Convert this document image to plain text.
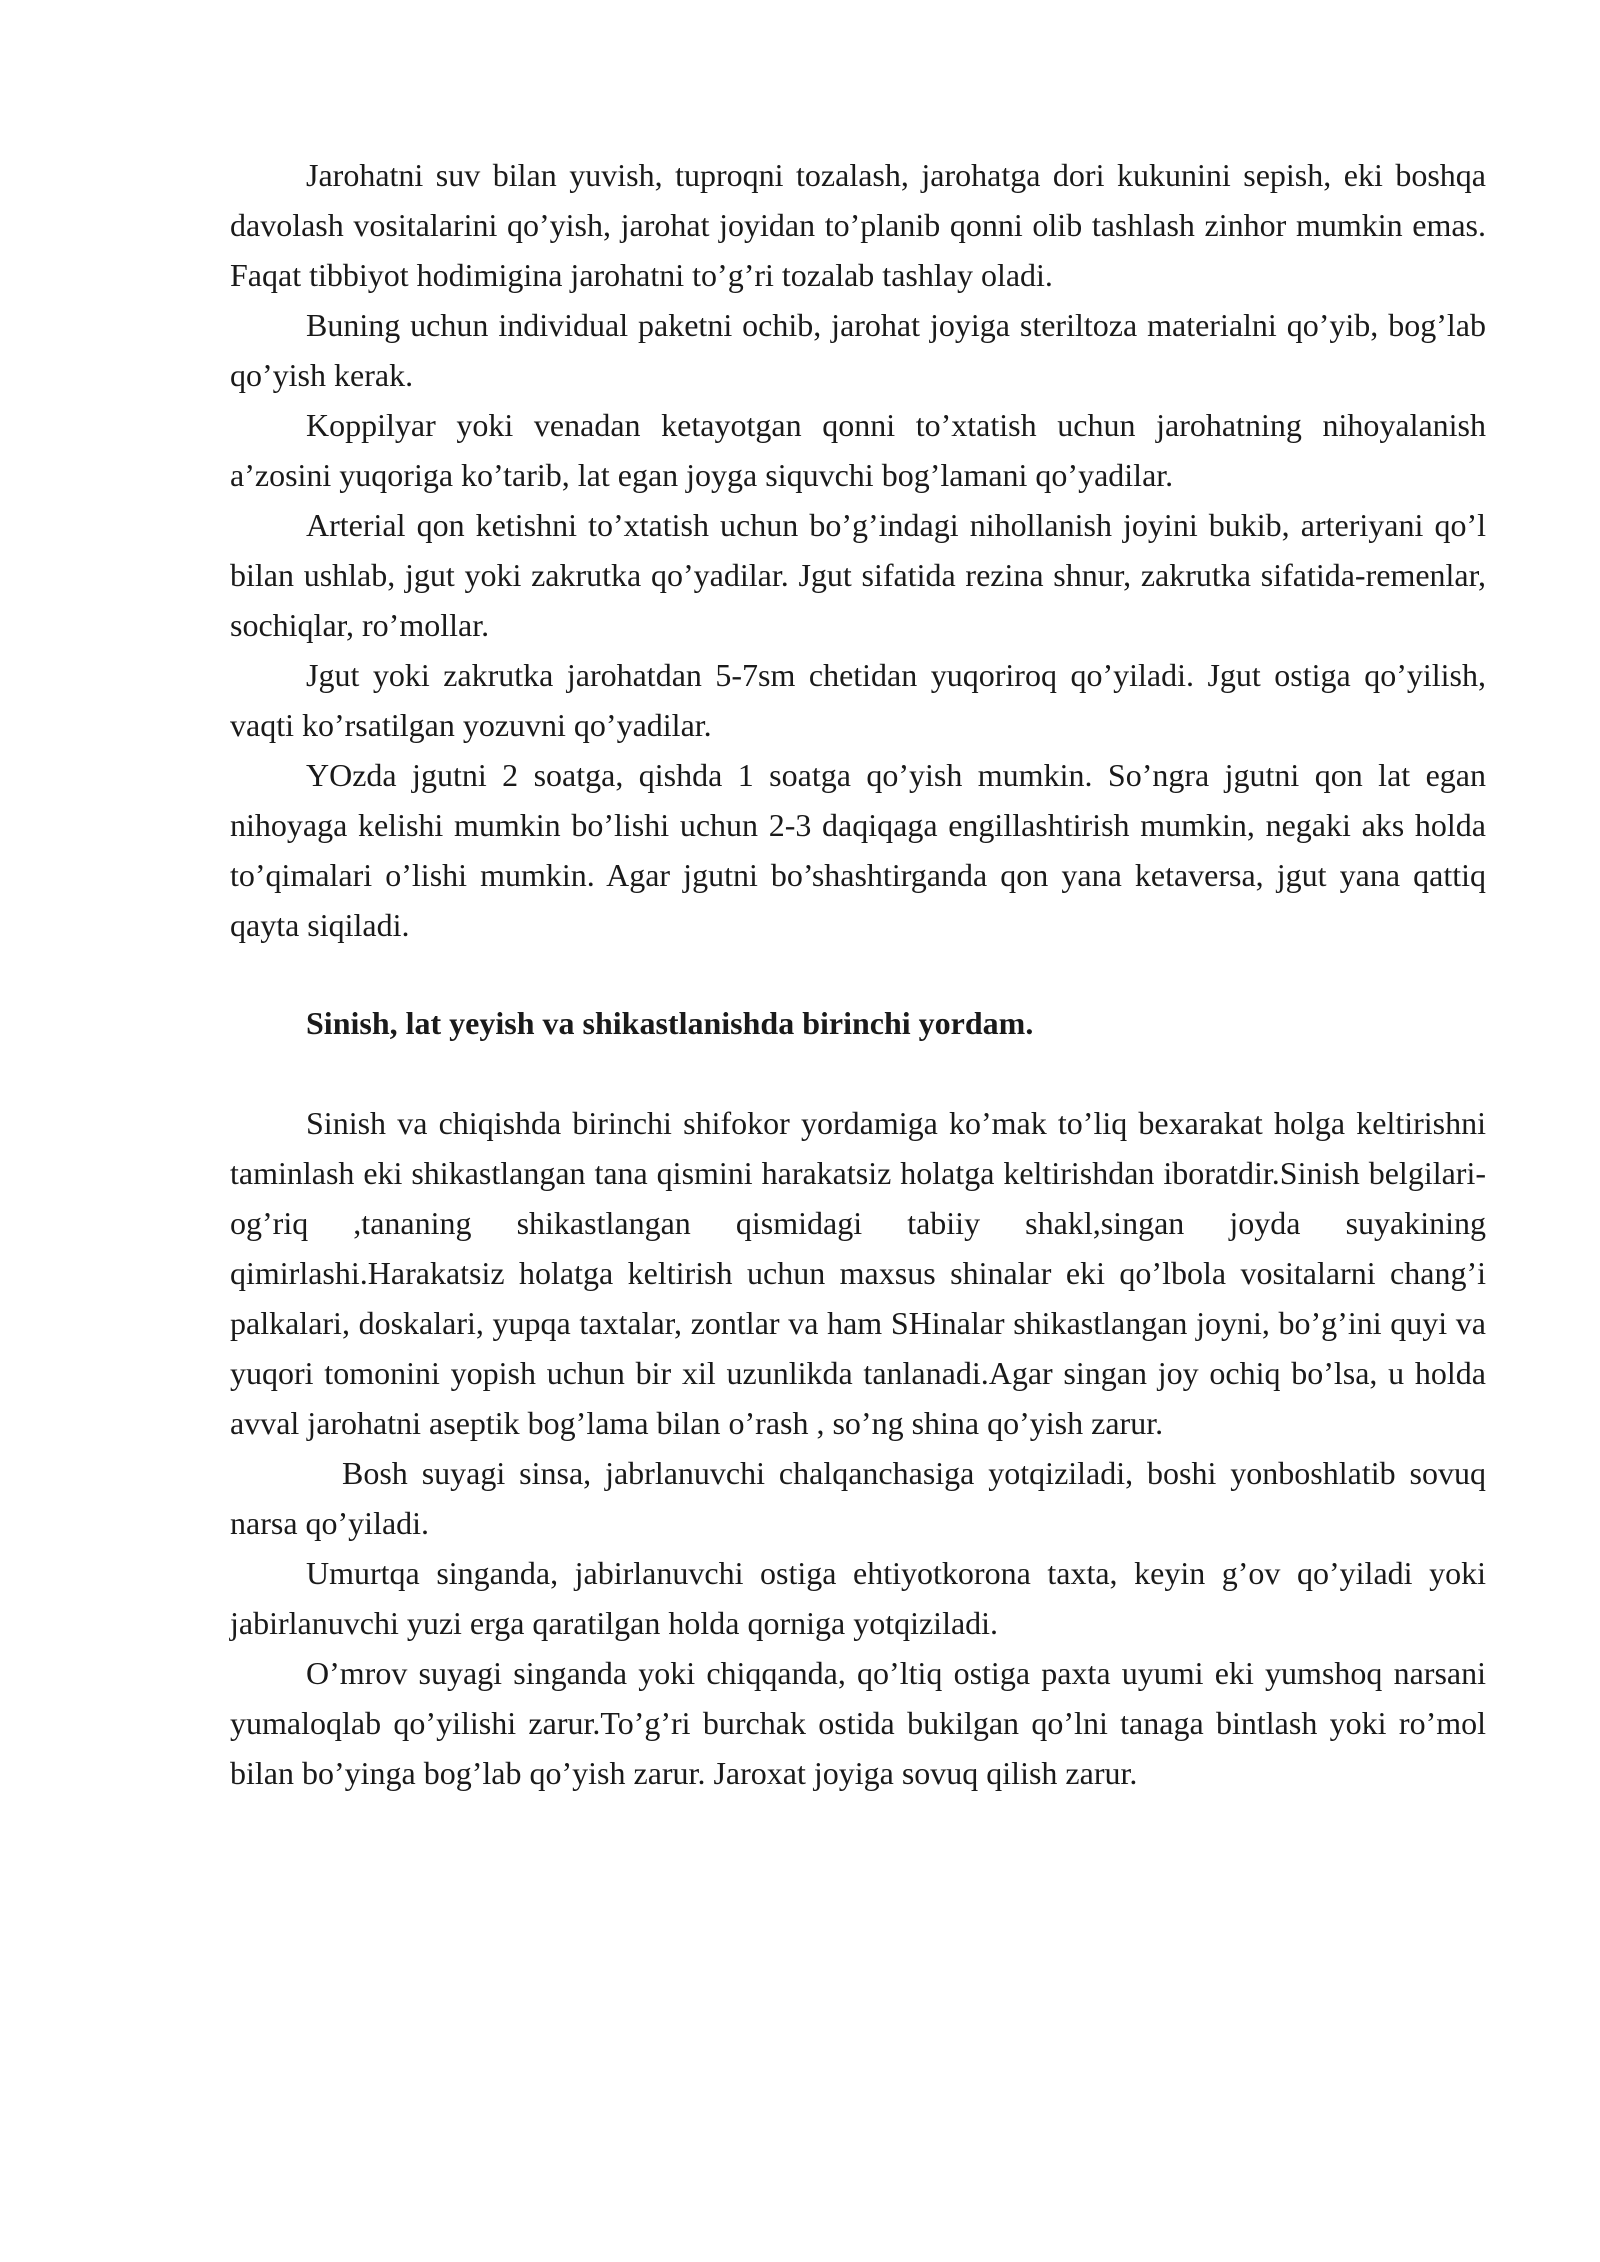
Jarohatni suv bilan yuvish, tuproqni tozalash, jarohatga dori kukunini sepish, eki boshqa davolash vositalarini qo’yish, jarohat joyidan to’planib qonni olib tashlash zinhor mumkin emas. Faqat tibbiyot hodimigina jarohatni to’g’ri tozalab tashlay oladi.

Buning uchun individual paketni ochib, jarohat joyiga steriltoza materialni qo’yib, bog’lab qo’yish kerak.

Koppilyar yoki venadan ketayotgan qonni to’xtatish uchun jarohatning nihoyalanish a’zosini yuqoriga ko’tarib, lat egan joyga siquvchi bog’lamani qo’yadilar.

Arterial qon ketishni to’xtatish uchun bo’g’indagi nihollanish joyini bukib, arteriyani qo’l bilan ushlab, jgut yoki zakrutka qo’yadilar. Jgut sifatida rezina shnur, zakrutka sifatida-remenlar, sochiqlar, ro’mollar.

Jgut yoki zakrutka jarohatdan 5-7sm chetidan yuqoriroq qo’yiladi. Jgut ostiga qo’yilish, vaqti ko’rsatilgan yozuvni qo’yadilar.

YOzda jgutni 2 soatga, qishda 1 soatga qo’yish mumkin. So’ngra jgutni qon lat egan nihoyaga kelishi mumkin bo’lishi uchun 2-3 daqiqaga engillashtirish mumkin, negaki aks holda to’qimalari o’lishi mumkin. Agar jgutni bo’shashtirganda qon yana ketaversa, jgut yana qattiq qayta siqiladi.

Sinish, lat yeyish va shikastlanishda birinchi yordam.

Sinish va chiqishda birinchi shifokor yordamiga ko’mak to’liq bexarakat holga keltirishni taminlash eki shikastlangan tana qismini harakatsiz holatga keltirishdan iboratdir.Sinish belgilari-og’riq ,tananing shikastlangan qismidagi tabiiy shakl,singan joyda suyakining qimirlashi.Harakatsiz holatga keltirish uchun maxsus shinalar eki qo’lbola vositalarni chang’i palkalari, doskalari, yupqa taxtalar, zontlar va ham SHinalar shikastlangan joyni, bo’g’ini quyi va yuqori tomonini yopish uchun bir xil uzunlikda tanlanadi.Agar singan joy ochiq bo’lsa, u holda avval jarohatni aseptik bog’lama bilan o’rash , so’ng shina qo’yish zarur.

Bosh suyagi sinsa, jabrlanuvchi chalqanchasiga yotqiziladi, boshi yonboshlatib sovuq narsa qo’yiladi.

Umurtqa singanda, jabirlanuvchi ostiga ehtiyotkorona taxta, keyin g’ov qo’yiladi yoki jabirlanuvchi yuzi erga qaratilgan holda qorniga yotqiziladi.

O’mrov suyagi singanda yoki chiqqanda, qo’ltiq ostiga paxta uyumi eki yumshoq narsani yumaloqlab qo’yilishi zarur.To’g’ri burchak ostida bukilgan qo’lni tanaga bintlash yoki ro’mol bilan bo’yinga bog’lab qo’yish zarur. Jaroxat joyiga sovuq qilish zarur.
